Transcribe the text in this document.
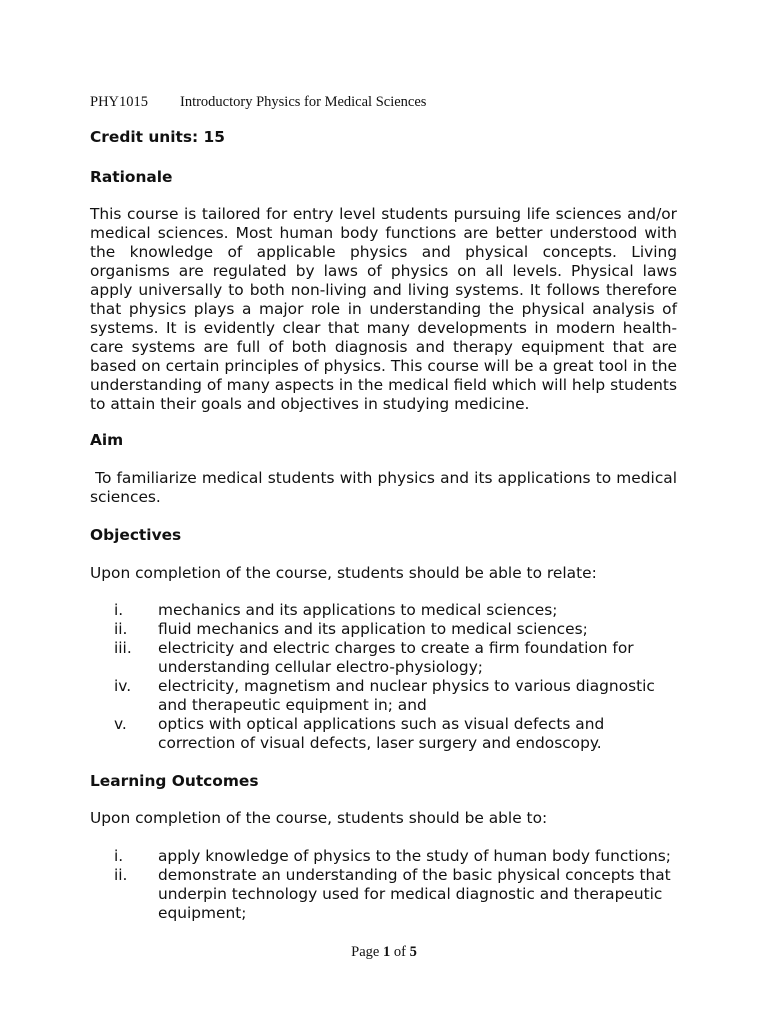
PHY1015 Introductory Physics for Medical Sciences
Credit units: 15
Rationale

This course is tailored for entry level students pursuing life sciences and/or medical sciences. Most human body functions are better understood with the knowledge of applicable physics and physical concepts. Living organisms are regulated by laws of physics on all levels. Physical laws apply universally to both non-living and living systems. It follows therefore that physics plays a major role in understanding the physical analysis of systems. It is evidently clear that many developments in modern health-care systems are full of both diagnosis and therapy equipment that are based on certain principles of physics. This course will be a great tool in the understanding of many aspects in the medical field which will help students to attain their goals and objectives in studying medicine.

Aim

To familiarize medical students with physics and its applications to medical sciences.

Objectives

Upon completion of the course, students should be able to relate:

i. mechanics and its applications to medical sciences;
ii. fluid mechanics and its application to medical sciences;
iii. electricity and electric charges to create a firm foundation for understanding cellular electro-physiology;
iv. electricity, magnetism and nuclear physics to various diagnostic and therapeutic equipment in; and
v. optics with optical applications such as visual defects and correction of visual defects, laser surgery and endoscopy.
Learning Outcomes

Upon completion of the course, students should be able to:

i. apply knowledge of physics to the study of human body functions;
ii. demonstrate an understanding of the basic physical concepts that underpin technology used for medical diagnostic and therapeutic equipment;
Page 1 of 5
